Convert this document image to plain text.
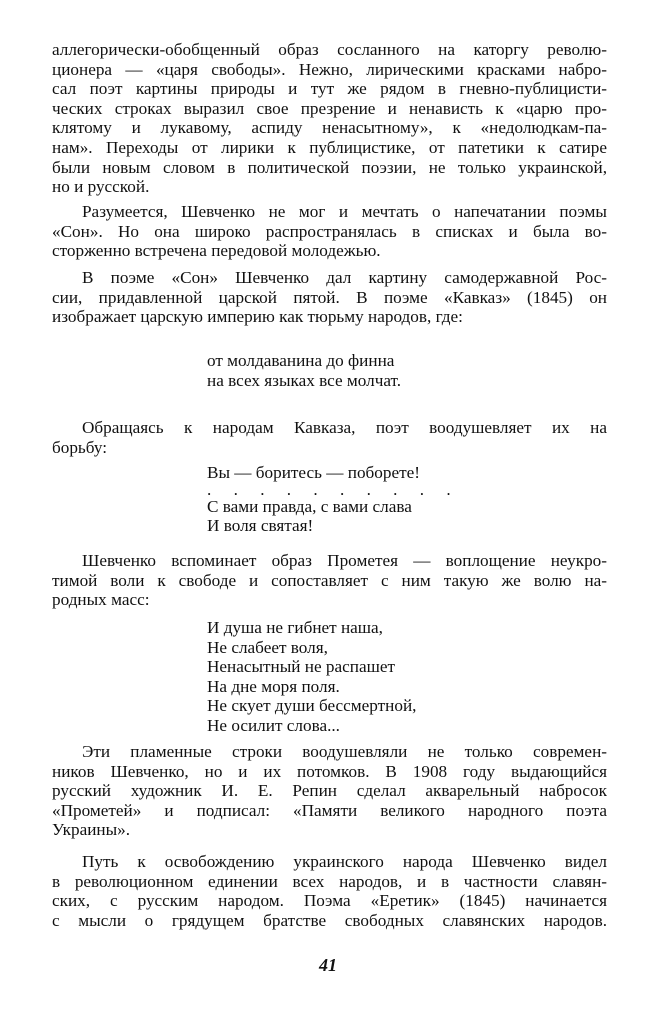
аллегорически-обобщенный образ сосланного на каторгу револю-
ционера — «царя свободы». Нежно, лирическими красками набро-
сал поэт картины природы и тут же рядом в гневно-публицисти-
ческих строках выразил свое презрение и ненависть к «царю про-
клятому и лукавому, аспиду ненасытному», к «недолюдкам-па-
нам». Переходы от лирики к публицистике, от патетики к сатире
были новым словом в политической поэзии, не только украинской,
но и русской.
Разумеется, Шевченко не мог и мечтать о напечатании поэмы
«Сон». Но она широко распространялась в списках и была во-
сторженно встречена передовой молодежью.
В поэме «Сон» Шевченко дал картину самодержавной Рос-
сии, придавленной царской пятой. В поэме «Кавказ» (1845) он
изображает царскую империю как тюрьму народов, где:
от молдаванина до финна
на всех языках все молчат.
Обращаясь к народам Кавказа, поэт воодушевляет их на
борьбу:
Вы — боритесь — поборете!
. . . . . . . . . .
С вами правда, с вами слава
И воля святая!
Шевченко вспоминает образ Прометея — воплощение неукро-
тимой воли к свободе и сопоставляет с ним такую же волю на-
родных масс:
И душа не гибнет наша,
Не слабеет воля,
Ненасытный не распашет
На дне моря поля.
Не скует души бессмертной,
Не осилит слова...
Эти пламенные строки воодушевляли не только современ-
ников Шевченко, но и их потомков. В 1908 году выдающийся
русский художник И. Е. Репин сделал акварельный набросок
«Прометей» и подписал: «Памяти великого народного поэта
Украины».
Путь к освобождению украинского народа Шевченко видел
в революционном единении всех народов, и в частности славян-
ских, с русским народом. Поэма «Еретик» (1845) начинается
с мысли о грядущем братстве свободных славянских народов.
41
